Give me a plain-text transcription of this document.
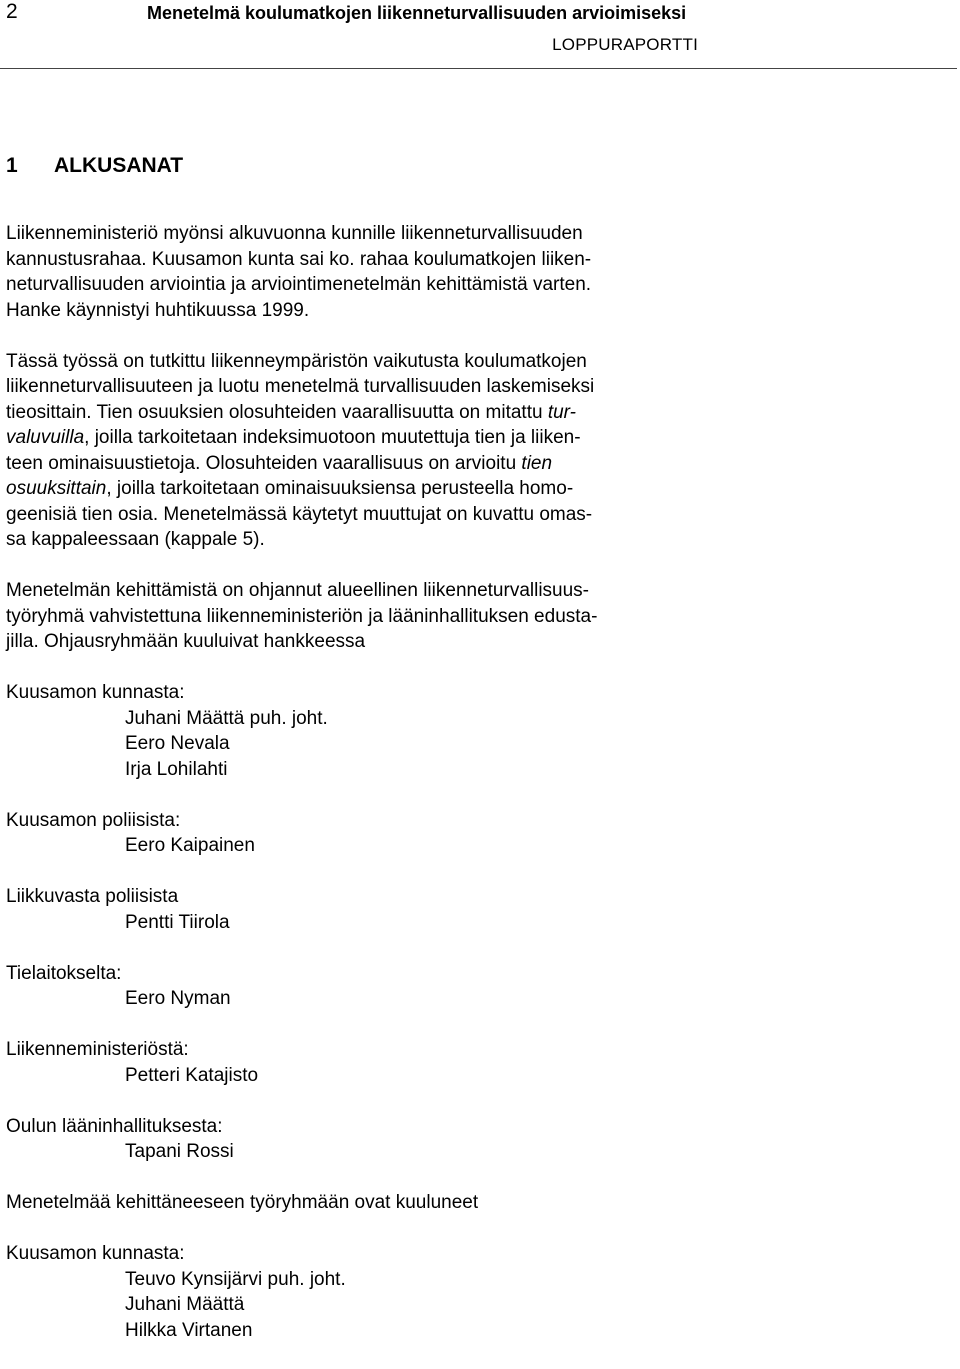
2	Menetelmä koulumatkojen liikenneturvallisuuden arvioimiseksi
LOPPURAPORTTI
1 ALKUSANAT

Liikenneministeriö myönsi alkuvuonna kunnille liikenneturvallisuuden

kannustusrahaa. Kuusamon kunta sai ko. rahaa koulumatkojen liiken-

neturvallisuuden arviointia ja arviointimenetelmän kehittämistä varten.

Hanke käynnistyi huhtikuussa 1999.

Tässä työssä on tutkittu liikenneympäristön vaikutusta koulumatkojen

liikenneturvallisuuteen ja luotu menetelmä turvallisuuden laskemiseksi

tieosittain. Tien osuuksien olosuhteiden vaarallisuutta on mitattu tur-

valuvuilla, joilla tarkoitetaan indeksimuotoon muutettuja tien ja liiken-

teen ominaisuustietoja. Olosuhteiden vaarallisuus on arvioitu tien

osuuksittain, joilla tarkoitetaan ominaisuuksiensa perusteella homo-

geenisiä tien osia. Menetelmässä käytetyt muuttujat on kuvattu omas-

sa kappaleessaan (kappale 5).

Menetelmän kehittämistä on ohjannut alueellinen liikenneturvallisuus-

työryhmä vahvistettuna liikenneministeriön ja lääninhallituksen edusta-

jilla. Ohjausryhmään kuuluivat hankkeessa

Kuusamon kunnasta:
Juhani Määttä puh. joht.
Eero Nevala
Irja Lohilahti
Kuusamon poliisista:
Eero Kaipainen
Liikkuvasta poliisista
Pentti Tiirola
Tielaitokselta:
Eero Nyman
Liikenneministeriöstä:
Petteri Katajisto
Oulun lääninhallituksesta:
Tapani Rossi

Menetelmää kehittäneeseen työryhmään ovat kuuluneet

Kuusamon kunnasta:
Teuvo Kynsijärvi puh. joht.
Juhani Määttä
Hilkka Virtanen
